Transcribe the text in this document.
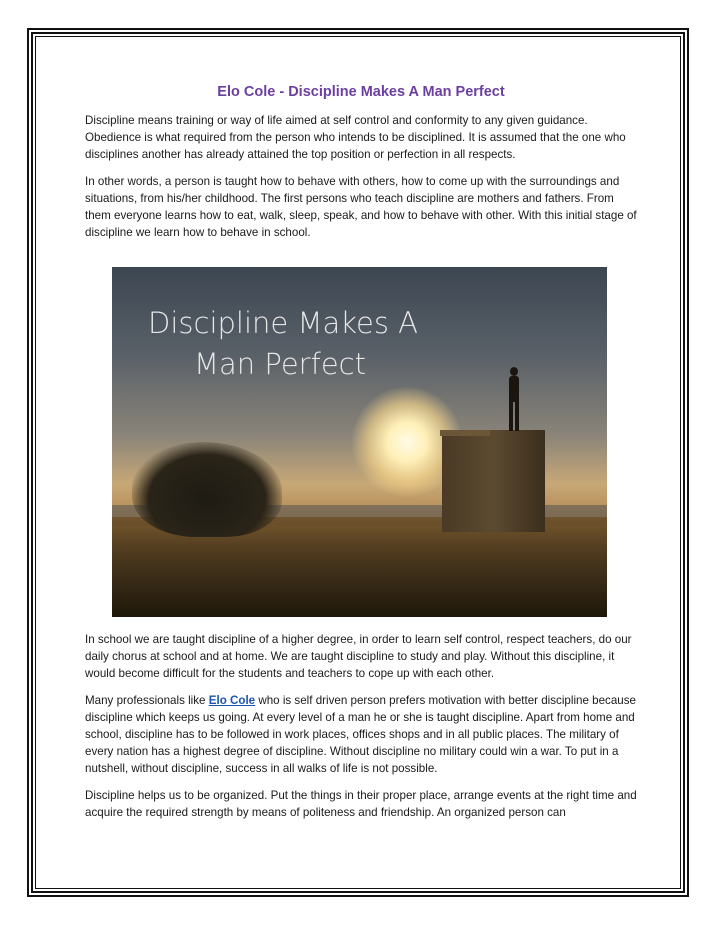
Elo Cole - Discipline Makes A Man Perfect

Discipline means training or way of life aimed at self control and conformity to any given guidance. Obedience is what required from the person who intends to be disciplined. It is assumed that the one who disciplines another has already attained the top position or perfection in all respects.

In other words, a person is taught how to behave with others, how to come up with the surroundings and situations, from his/her childhood. The first persons who teach discipline are mothers and fathers. From them everyone learns how to eat, walk, sleep, speak, and how to behave with other. With this initial stage of discipline we learn how to behave in school.

Discipline Makes A
Man Perfect

In school we are taught discipline of a higher degree, in order to learn self control, respect teachers, do our daily chorus at school and at home. We are taught discipline to study and play. Without this discipline, it would become difficult for the students and teachers to cope up with each other.

Many professionals like Elo Cole who is self driven person prefers motivation with better discipline because discipline which keeps us going. At every level of a man he or she is taught discipline. Apart from home and school, discipline has to be followed in work places, offices shops and in all public places. The military of every nation has a highest degree of discipline. Without discipline no military could win a war. To put in a nutshell, without discipline, success in all walks of life is not possible.

Discipline helps us to be organized. Put the things in their proper place, arrange events at the right time and acquire the required strength by means of politeness and friendship. An organized person can
